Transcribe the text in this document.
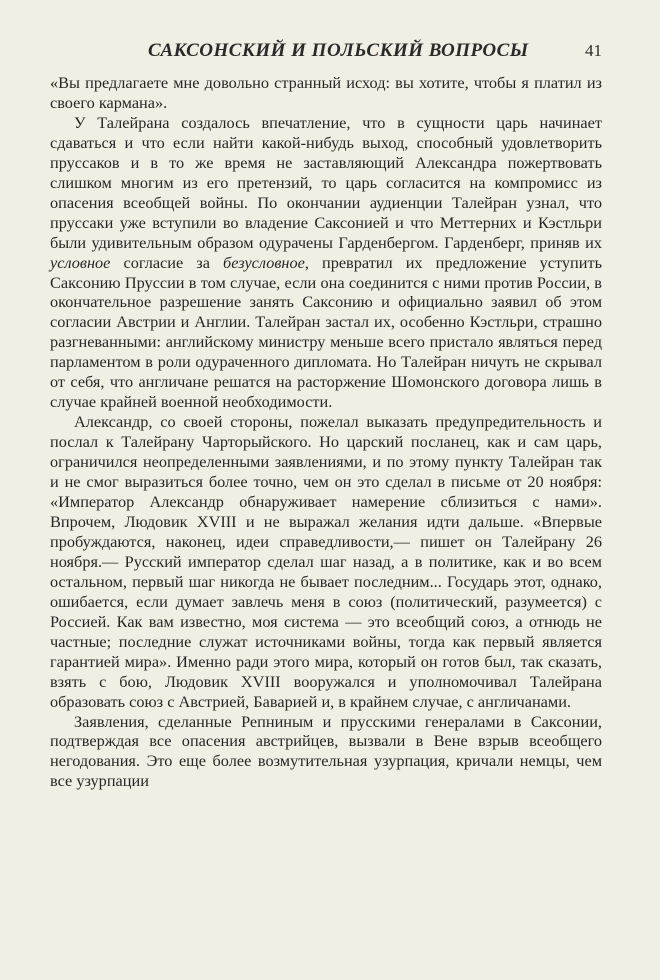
САКСОНСКИЙ И ПОЛЬСКИЙ ВОПРОСЫ	41

«Вы предлагаете мне довольно странный исход: вы хотите, чтобы я платил из своего кармана».

У Талейрана создалось впечатление, что в сущности царь начинает сдаваться и что если найти какой-нибудь выход, способный удовлетворить пруссаков и в то же время не заставляющий Александра пожертвовать слишком многим из его претензий, то царь согласится на компромисс из опасения всеобщей войны. По окончании аудиенции Талейран узнал, что пруссаки уже вступили во владение Саксонией и что Меттерних и Кэстльри были удивительным образом одурачены Гарденбергом. Гарденберг, приняв их условное согласие за безусловное, превратил их предложение уступить Саксонию Пруссии в том случае, если она соединится с ними против России, в окончательное разрешение занять Саксонию и официально заявил об этом согласии Австрии и Англии. Талейран застал их, особенно Кэстльри, страшно разгневанными: английскому министру меньше всего пристало являться перед парламентом в роли одураченного дипломата. Но Талейран ничуть не скрывал от себя, что англичане решатся на расторжение Шомонского договора лишь в случае крайней военной необходимости.

Александр, со своей стороны, пожелал выказать предупредительность и послал к Талейрану Чарторыйского. Но царский посланец, как и сам царь, ограничился неопределенными заявлениями, и по этому пункту Талейран так и не смог выразиться более точно, чем он это сделал в письме от 20 ноября: «Император Александр обнаруживает намерение сблизиться с нами». Впрочем, Людовик XVIII и не выражал желания идти дальше. «Впервые пробуждаются, наконец, идеи справедливости,— пишет он Талейрану 26 ноября.— Русский император сделал шаг назад, а в политике, как и во всем остальном, первый шаг никогда не бывает последним... Государь этот, однако, ошибается, если думает завлечь меня в союз (политический, разумеется) с Россией. Как вам известно, моя система — это всеобщий союз, а отнюдь не частные; последние служат источниками войны, тогда как первый является гарантией мира». Именно ради этого мира, который он готов был, так сказать, взять с бою, Людовик XVIII вооружался и уполномочивал Талейрана образовать союз с Австрией, Баварией и, в крайнем случае, с англичанами.

Заявления, сделанные Репниным и прусскими генералами в Саксонии, подтверждая все опасения австрийцев, вызвали в Вене взрыв всеобщего негодования. Это еще более возмутительная узурпация, кричали немцы, чем все узурпации
